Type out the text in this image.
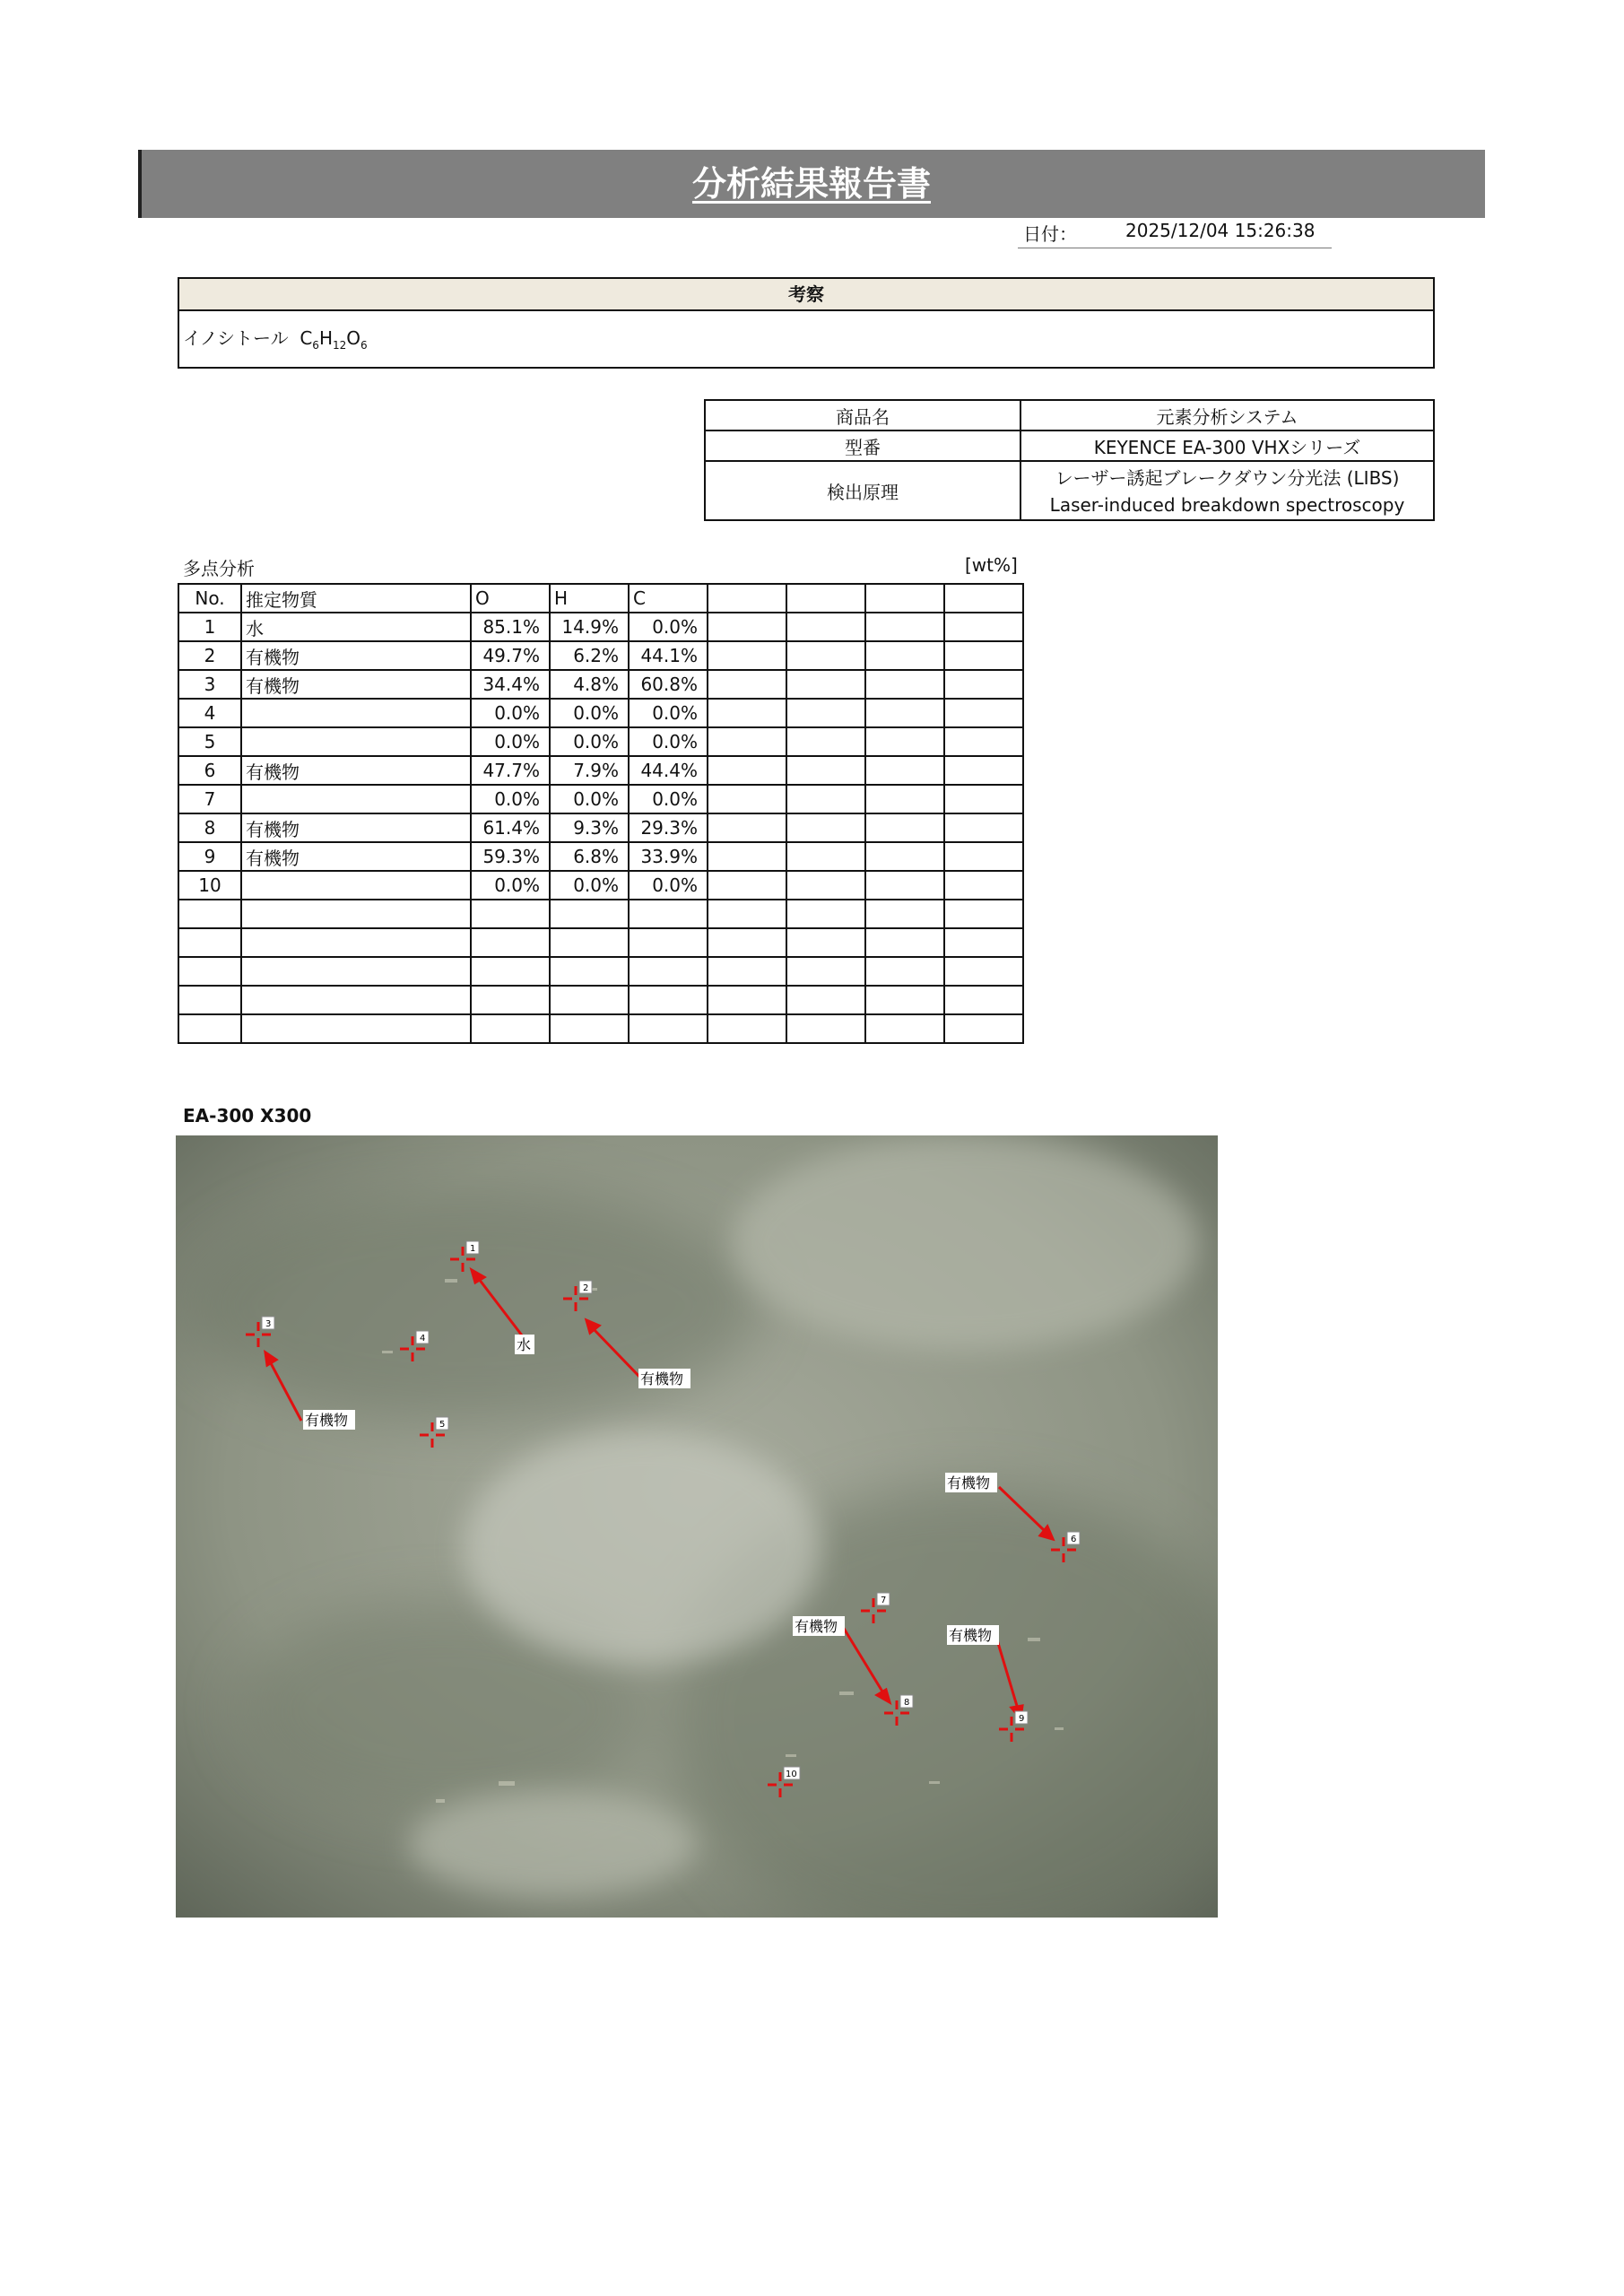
分析結果報告書
日付：	2025/12/04 15:26:38
考察
イノシトール $C_6H_{12}O_6$
商品名	元素分析システム
型番	KEYENCE EA-300 VHXシリーズ
検出原理	レーザー誘起ブレークダウン分光法 (LIBS)
	Laser-induced breakdown spectroscopy
多点分析	[wt%]
No.	推定物質	O	H	C				
1	水	85.1%	14.9%	0.0%				
2	有機物	49.7%	6.2%	44.1%				
3	有機物	34.4%	4.8%	60.8%				
4		0.0%	0.0%	0.0%				
5		0.0%	0.0%	0.0%				
6	有機物	47.7%	7.9%	44.4%				
7		0.0%	0.0%	0.0%				
8	有機物	61.4%	9.3%	29.3%				
9	有機物	59.3%	6.8%	33.9%				
10		0.0%	0.0%	0.0%				

EA-300 X300
水
有機物
有機物
有機物
有機物
有機物
1
2
3
4
5
6
7
8
9
10
